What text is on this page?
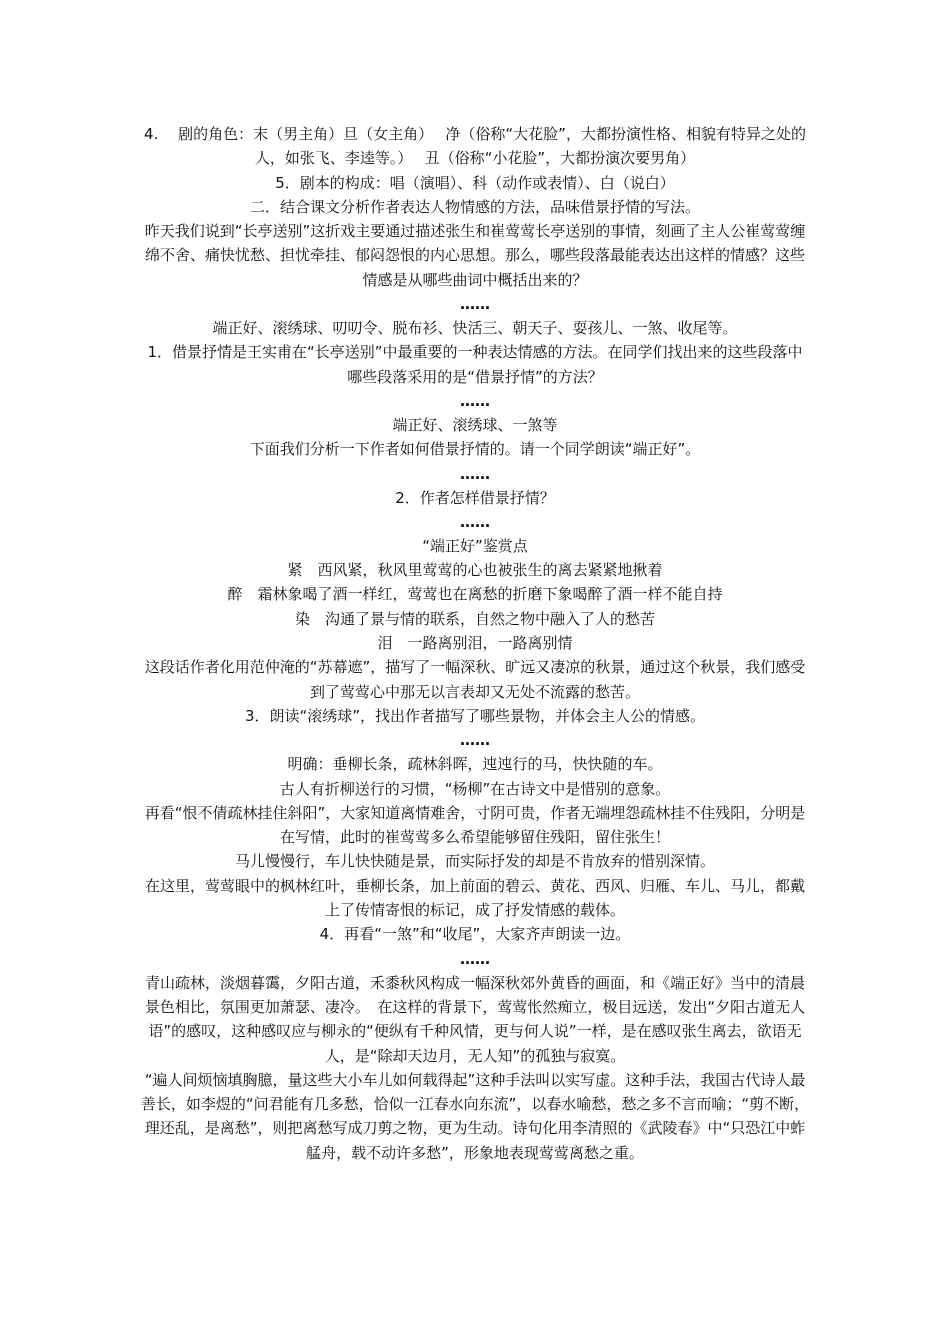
4.　 剧的角色：末（男主角）旦（女主角）　 净（俗称“大花脸”，大都扮演性格、相貌有特异之处的人，如张飞、李逵等。）　 丑（俗称“小花脸”，大都扮演次要男角）

5．剧本的构成：唱（演唱）、科（动作或表情）、白（说白）

二．结合课文分析作者表达人物情感的方法，品味借景抒情的写法。

昨天我们说到“长亭送别”这折戏主要通过描述张生和崔莺莺长亭送别的事情，刻画了主人公崔莺莺缠绵不舍、痛快忧愁、担忧牵挂、郁闷怨恨的内心思想。那么，哪些段落最能表达出这样的情感？这些情感是从哪些曲词中概括出来的？

……

端正好、滚绣球、叨叨令、脱布衫、快活三、朝天子、耍孩儿、一煞、收尾等。

1．借景抒情是王实甫在“长亭送别”中最重要的一种表达情感的方法。在同学们找出来的这些段落中哪些段落采用的是“借景抒情”的方法？

……

端正好、滚绣球、一煞等

下面我们分析一下作者如何借景抒情的。请一个同学朗读“端正好”。

……

2．作者怎样借景抒情？

……

“端正好”鉴赏点

紧　西风紧，秋风里莺莺的心也被张生的离去紧紧地揪着

醉　霜林象喝了酒一样红，莺莺也在离愁的折磨下象喝醉了酒一样不能自持

染　沟通了景与情的联系，自然之物中融入了人的愁苦

泪　一路离别泪，一路离别情

这段话作者化用范仲淹的“苏幕遮”，描写了一幅深秋、旷远又凄凉的秋景，通过这个秋景，我们感受到了莺莺心中那无以言表却又无处不流露的愁苦。

3．朗读“滚绣球”，找出作者描写了哪些景物，并体会主人公的情感。

……

明确：垂柳长条，疏林斜晖，迍迍行的马，快快随的车。

古人有折柳送行的习惯，“杨柳”在古诗文中是惜别的意象。

再看“恨不倩疏林挂住斜阳”，大家知道离情难舍，寸阴可贵，作者无端埋怨疏林挂不住残阳，分明是在写情，此时的崔莺莺多么希望能够留住残阳，留住张生！

马儿慢慢行，车儿快快随是景，而实际抒发的却是不肯放弃的惜别深情。

在这里，莺莺眼中的枫林红叶，垂柳长条，加上前面的碧云、黄花、西风、归雁、车儿、马儿，都戴上了传情寄恨的标记，成了抒发情感的载体。

4．再看“一煞”和“收尾”，大家齐声朗读一边。

……

青山疏林，淡烟暮霭，夕阳古道，禾黍秋风构成一幅深秋郊外黄昏的画面，和《端正好》当中的清晨景色相比，氛围更加萧瑟、凄冷。　在这样的背景下，莺莺怅然痴立，极目远送，发出“夕阳古道无人语”的感叹，这种感叹应与柳永的“便纵有千种风情，更与何人说”一样，是在感叹张生离去，欲语无人，是“除却天边月，无人知”的孤独与寂寞。

“遍人间烦恼填胸臆，量这些大小车儿如何载得起”这种手法叫以实写虚。这种手法，我国古代诗人最善长，如李煜的“问君能有几多愁，恰似一江春水向东流”，以春水喻愁，愁之多不言而喻；“剪不断，理还乱，是离愁”，则把离愁写成刀剪之物，更为生动。诗句化用李清照的《武陵春》中“只恐江中蚱艋舟，载不动许多愁”，形象地表现莺莺离愁之重。
